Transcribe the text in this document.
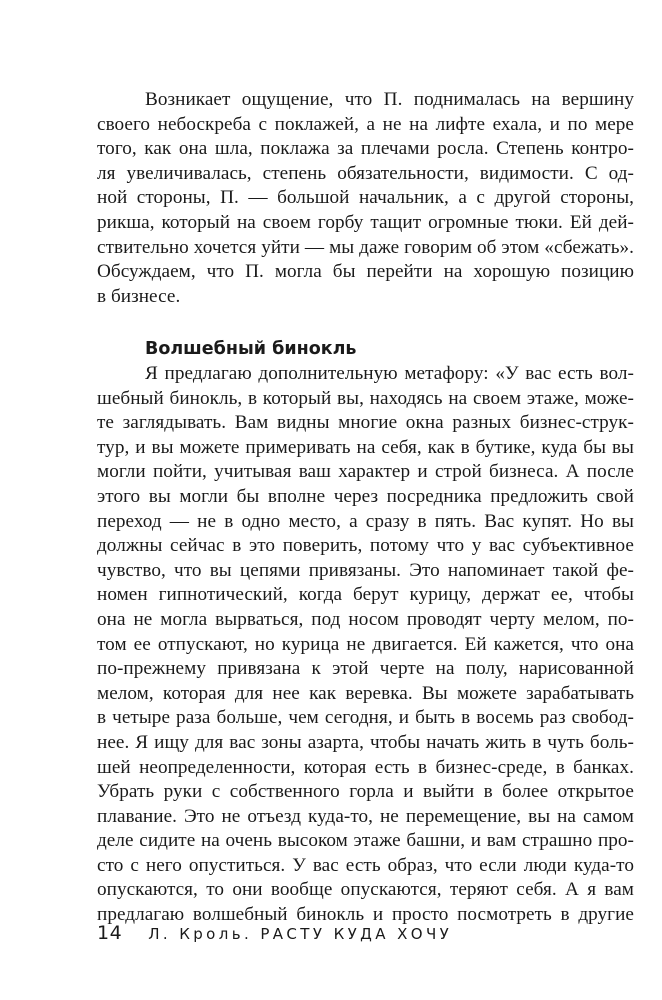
Возникает ощущение, что П. поднималась на вершину
своего небоскреба с поклажей, а не на лифте ехала, и по мере
того, как она шла, поклажа за плечами росла. Степень контро-
ля увеличивалась, степень обязательности, видимости. С од-
ной стороны, П. — большой начальник, а с другой стороны,
рикша, который на своем горбу тащит огромные тюки. Ей дей-
ствительно хочется уйти — мы даже говорим об этом «сбежать».
Обсуждаем, что П. могла бы перейти на хорошую позицию
в бизнесе.
Волшебный бинокль
Я предлагаю дополнительную метафору: «У вас есть вол-
шебный бинокль, в который вы, находясь на своем этаже, може-
те заглядывать. Вам видны многие окна разных бизнес-струк-
тур, и вы можете примеривать на себя, как в бутике, куда бы вы
могли пойти, учитывая ваш характер и строй бизнеса. А после
этого вы могли бы вполне через посредника предложить свой
переход — не в одно место, а сразу в пять. Вас купят. Но вы
должны сейчас в это поверить, потому что у вас субъективное
чувство, что вы цепями привязаны. Это напоминает такой фе-
номен гипнотический, когда берут курицу, держат ее, чтобы
она не могла вырваться, под носом проводят черту мелом, по-
том ее отпускают, но курица не двигается. Ей кажется, что она
по-прежнему привязана к этой черте на полу, нарисованной
мелом, которая для нее как веревка. Вы можете зарабатывать
в четыре раза больше, чем сегодня, и быть в восемь раз свобод-
нее. Я ищу для вас зоны азарта, чтобы начать жить в чуть боль-
шей неопределенности, которая есть в бизнес-среде, в банках.
Убрать руки с собственного горла и выйти в более открытое
плавание. Это не отъезд куда-то, не перемещение, вы на самом
деле сидите на очень высоком этаже башни, и вам страшно про-
сто с него опуститься. У вас есть образ, что если люди куда-то
опускаются, то они вообще опускаются, теряют себя. А я вам
предлагаю волшебный бинокль и просто посмотреть в другие
14 Л. Кроль. РАСТУ КУДА ХОЧУ
